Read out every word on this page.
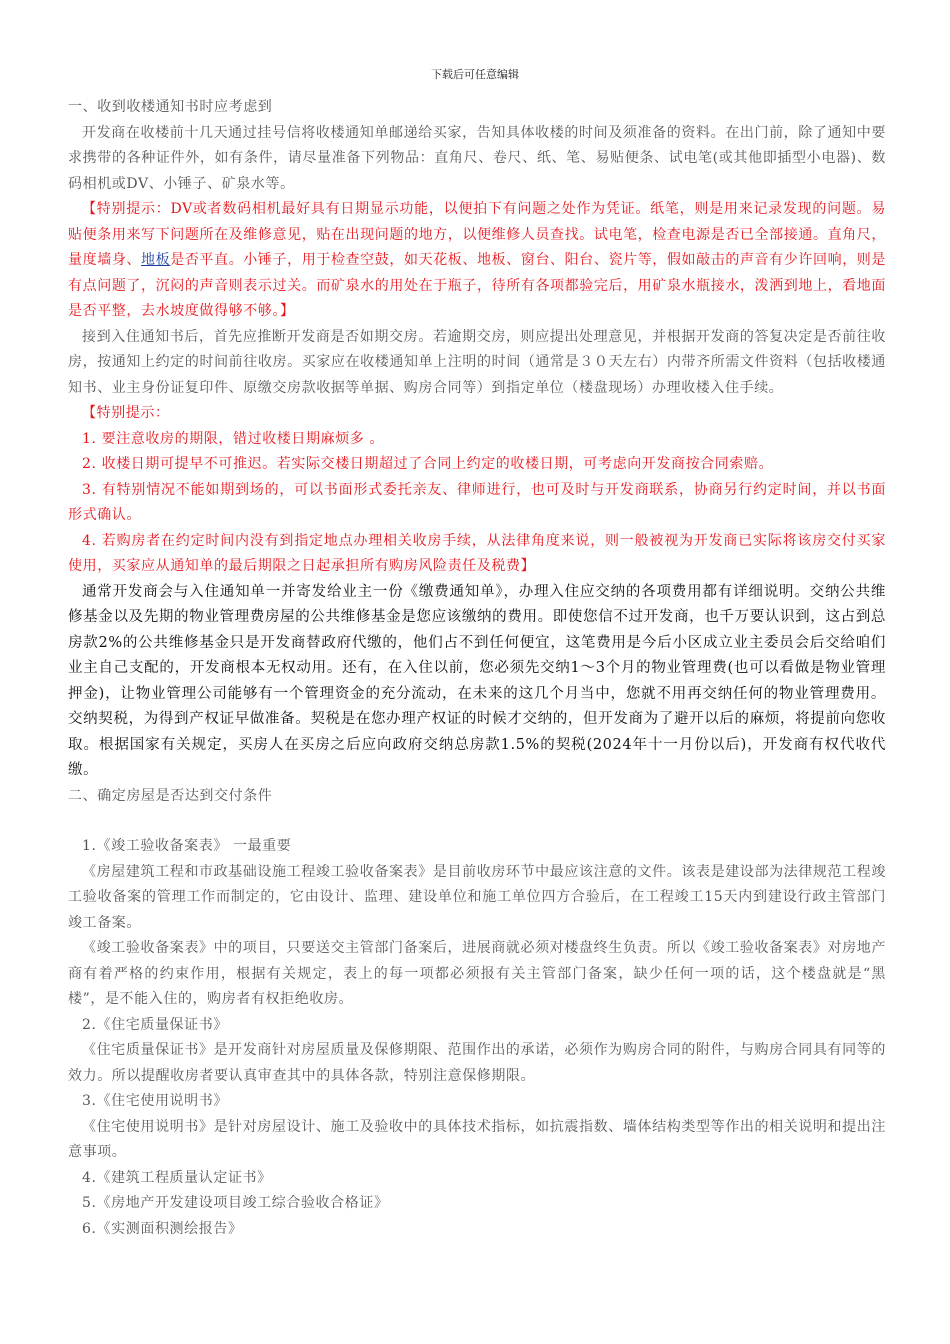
下载后可任意编辑

一、收到收楼通知书时应考虑到

开发商在收楼前十几天通过挂号信将收楼通知单邮递给买家，告知具体收楼的时间及须准备的资料。在出门前，除了通知中要求携带的各种证件外，如有条件，请尽量准备下列物品：直角尺、卷尺、纸、笔、易贴便条、试电笔(或其他即插型小电器)、数码相机或DV、小锤子、矿泉水等。

【特别提示：DV或者数码相机最好具有日期显示功能，以便拍下有问题之处作为凭证。纸笔，则是用来记录发现的问题。易贴便条用来写下问题所在及维修意见，贴在出现问题的地方，以便维修人员查找。试电笔，检查电源是否已全部接通。直角尺，量度墙身、地板是否平直。小锤子，用于检查空鼓，如天花板、地板、窗台、阳台、瓷片等，假如敲击的声音有少许回响，则是有点问题了，沉闷的声音则表示过关。而矿泉水的用处在于瓶子，待所有各项都验完后，用矿泉水瓶接水，泼洒到地上，看地面是否平整，去水坡度做得够不够。】

接到入住通知书后，首先应推断开发商是否如期交房。若逾期交房，则应提出处理意见，并根据开发商的答复决定是否前往收房，按通知上约定的时间前往收房。买家应在收楼通知单上注明的时间（通常是３０天左右）内带齐所需文件资料（包括收楼通知书、业主身份证复印件、原缴交房款收据等单据、购房合同等）到指定单位（楼盘现场）办理收楼入住手续。

【特别提示：

1. 要注意收房的期限，错过收楼日期麻烦多 。

2. 收楼日期可提早不可推迟。若实际交楼日期超过了合同上约定的收楼日期，可考虑向开发商按合同索赔。

3. 有特别情况不能如期到场的，可以书面形式委托亲友、律师进行，也可及时与开发商联系，协商另行约定时间，并以书面形式确认。

4. 若购房者在约定时间内没有到指定地点办理相关收房手续，从法律角度来说，则一般被视为开发商已实际将该房交付买家使用，买家应从通知单的最后期限之日起承担所有购房风险责任及税费】

通常开发商会与入住通知单一并寄发给业主一份《缴费通知单》，办理入住应交纳的各项费用都有详细说明。交纳公共维修基金以及先期的物业管理费房屋的公共维修基金是您应该缴纳的费用。即使您信不过开发商，也千万要认识到，这占到总房款2%的公共维修基金只是开发商替政府代缴的，他们占不到任何便宜，这笔费用是今后小区成立业主委员会后交给咱们业主自己支配的，开发商根本无权动用。还有，在入住以前，您必须先交纳1～3个月的物业管理费(也可以看做是物业管理押金)，让物业管理公司能够有一个管理资金的充分流动，在未来的这几个月当中，您就不用再交纳任何的物业管理费用。交纳契税，为得到产权证早做准备。契税是在您办理产权证的时候才交纳的，但开发商为了避开以后的麻烦，将提前向您收取。根据国家有关规定，买房人在买房之后应向政府交纳总房款1.5%的契税(2024年十一月份以后)，开发商有权代收代缴。

二、确定房屋是否达到交付条件

1.《竣工验收备案表》 一最重要

《房屋建筑工程和市政基础设施工程竣工验收备案表》是目前收房环节中最应该注意的文件。该表是建设部为法律规范工程竣工验收备案的管理工作而制定的，它由设计、监理、建设单位和施工单位四方合验后，在工程竣工15天内到建设行政主管部门竣工备案。

《竣工验收备案表》中的项目，只要送交主管部门备案后，进展商就必须对楼盘终生负责。所以《竣工验收备案表》对房地产商有着严格的约束作用，根据有关规定，表上的每一项都必须报有关主管部门备案，缺少任何一项的话，这个楼盘就是“黑楼”，是不能入住的，购房者有权拒绝收房。

2.《住宅质量保证书》

《住宅质量保证书》是开发商针对房屋质量及保修期限、范围作出的承诺，必须作为购房合同的附件，与购房合同具有同等的效力。所以提醒收房者要认真审查其中的具体各款，特别注意保修期限。

3.《住宅使用说明书》

《住宅使用说明书》是针对房屋设计、施工及验收中的具体技术指标，如抗震指数、墙体结构类型等作出的相关说明和提出注意事项。

4.《建筑工程质量认定证书》

5.《房地产开发建设项目竣工综合验收合格证》

6.《实测面积测绘报告》
